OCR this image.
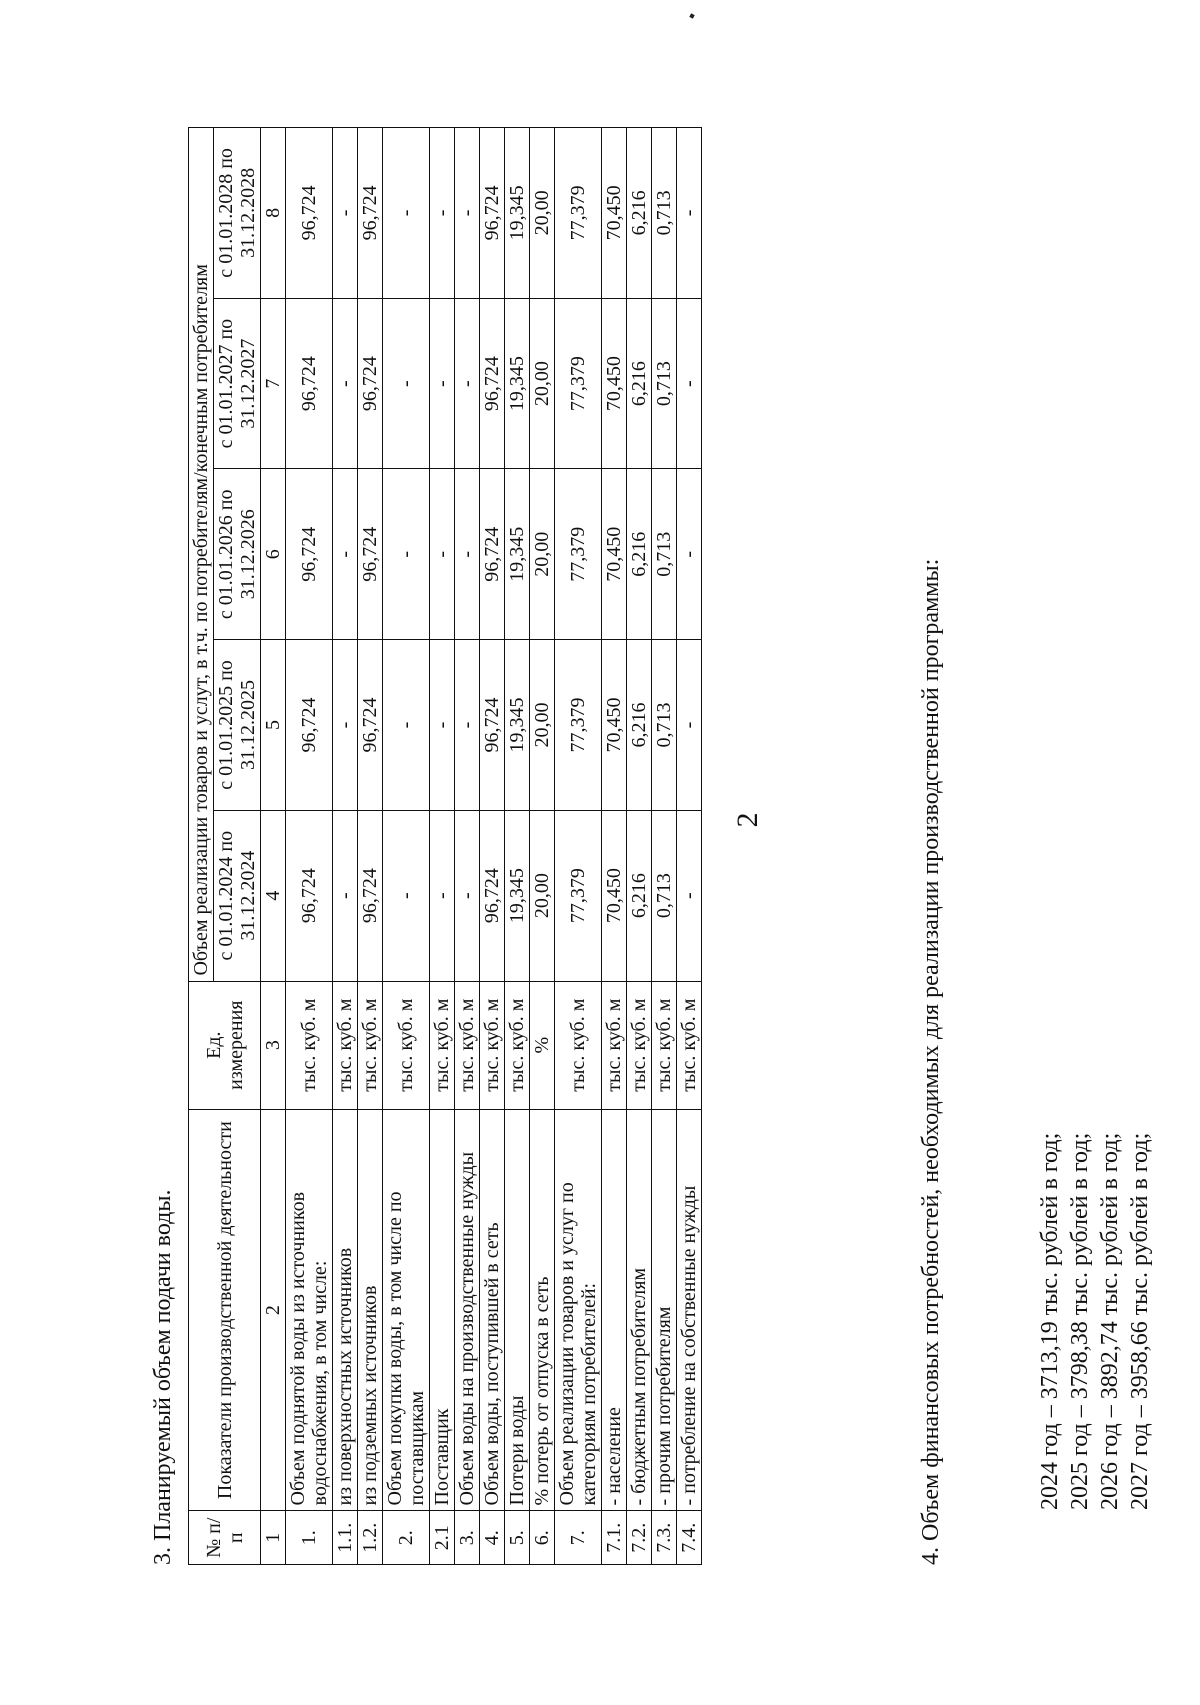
2
3. Планируемый объем подачи воды. № п/п	Показатели производственной деятельности	Ед. измерения	Объем реализации товаров и услут, в т.ч. по потребителям/конечным потребителям				
			с 01.01.2024 по 31.12.2024	с 01.01.2025 по 31.12.2025	с 01.01.2026 по 31.12.2026	с 01.01.2027 по 31.12.2027	с 01.01.2028 по 31.12.2028
1	2	3	4	5	6	7	8
1.	Объем поднятой воды из источников водоснабжения, в том числе:	тыс. куб. м	96,724	96,724	96,724	96,724	96,724
1.1.	из поверхностных источников	тыс. куб. м	-	-	-	-	-
1.2.	из подземных источников	тыс. куб. м	96,724	96,724	96,724	96,724	96,724
2.	Объем покупки воды, в том числе по поставщикам	тыс. куб. м	-	-	-	-	-
2.1	Поставщик	тыс. куб. м	-	-	-	-	-
3.	Объем воды на производственные нужды	тыс. куб. м	-	-	-	-	-
4.	Объем воды, поступившей в сеть	тыс. куб. м	96,724	96,724	96,724	96,724	96,724
5.	Потери воды	тыс. куб. м	19,345	19,345	19,345	19,345	19,345
6.	% потерь от отпуска в сеть	%	20,00	20,00	20,00	20,00	20,00
7.	Объем реализации товаров и услуг по категориям потребителей:	тыс. куб. м	77,379	77,379	77,379	77,379	77,379
7.1.	- население	тыс. куб. м	70,450	70,450	70,450	70,450	70,450
7.2.	- бюджетным потребителям	тыс. куб. м	6,216	6,216	6,216	6,216	6,216
7.3.	- прочим потребителям	тыс. куб. м	0,713	0,713	0,713	0,713	0,713
7.4.	- потребление на собственные нужды	тыс. куб. м	-	-	-	-	-
4. Объем финансовых потребностей, необходимых для реализации производственной программы:	2024 год – 3713,19 тыс. рублей в год; 2025 год – 3798,38 тыс. рублей в год; 2026 год – 3892,74 тыс. рублей в год; 2027 год – 3958,66 тыс. рублей в год;
